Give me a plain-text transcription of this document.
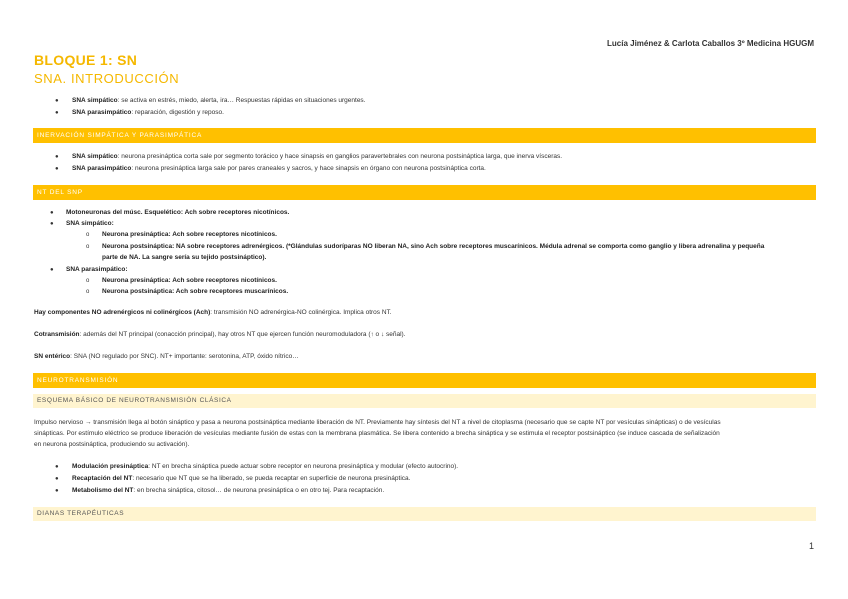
Lucía Jiménez & Carlota Caballos 3º Medicina HGUGM
BLOQUE 1: SN
SNA. INTRODUCCIÓN
● SNA simpático: se activa en estrés, miedo, alerta, ira… Respuestas rápidas en situaciones urgentes.
● SNA parasimpático: reparación, digestión y reposo.
INERVACIÓN SIMPÁTICA Y PARASIMPÁTICA
● SNA simpático: neurona presináptica corta sale por segmento torácico y hace sinapsis en ganglios paravertebrales con neurona postsináptica larga, que inerva vísceras.
● SNA parasimpático: neurona presináptica larga sale por pares craneales y sacros, y hace sinapsis en órgano con neurona postsináptica corta.
NT DEL SNP
● Motoneuronas del músc. Esquelético: Ach sobre receptores nicotínicos.
● SNA simpático:
o Neurona presináptica: Ach sobre receptores nicotínicos.
o Neurona postsináptica: NA sobre receptores adrenérgicos. (*Glándulas sudoríparas NO liberan NA, sino Ach sobre receptores muscarínicos. Médula adrenal se comporta como ganglio y libera adrenalina y pequeña
parte de NA. La sangre sería su tejido postsináptico).
● SNA parasimpático:
o Neurona presináptica: Ach sobre receptores nicotínicos.
o Neurona postsináptica: Ach sobre receptores muscarínicos.
Hay componentes NO adrenérgicos ni colinérgicos (Ach): transmisión NO adrenérgica-NO colinérgica. Implica otros NT.
Cotransmisión: además del NT principal (conacción principal), hay otros NT que ejercen función neuromoduladora (↑ o ↓ señal).
SN entérico: SNA (NO regulado por SNC). NT+ importante: serotonina, ATP, óxido nítrico…
NEUROTRANSMISIÓN
ESQUEMA BÁSICO DE NEUROTRANSMISIÓN CLÁSICA
Impulso nervioso → transmisión llega al botón sináptico y pasa a neurona postsináptica mediante liberación de NT. Previamente hay síntesis del NT a nivel de citoplasma (necesario que se capte NT por vesículas sinápticas) o de vesículas
sinápticas. Por estímulo eléctrico se produce liberación de vesículas mediante fusión de estas con la membrana plasmática. Se libera contenido a brecha sináptica y se estimula el receptor postsináptico (se induce cascada de señalización
en neurona postsináptica, produciendo su activación).
● Modulación presináptica: NT en brecha sináptica puede actuar sobre receptor en neurona presináptica y modular (efecto autocrino).
● Recaptación del NT: necesario que NT que se ha liberado, se pueda recaptar en superficie de neurona presináptica.
● Metabolismo del NT: en brecha sináptica, citosol… de neurona presináptica o en otro tej. Para recaptación.
DIANAS TERAPÉUTICAS
1
